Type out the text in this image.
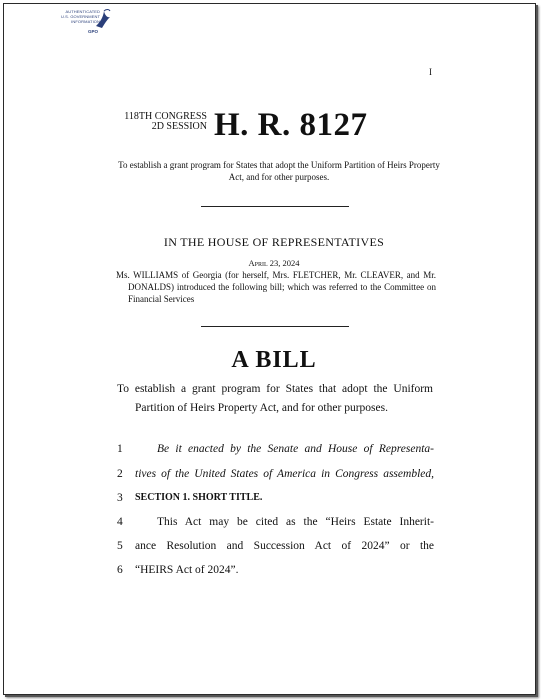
AUTHENTICATED
U.S. GOVERNMENT
INFORMATION
GPO
I
118TH CONGRESS
2D SESSION H. R. 8127
To establish a grant program for States that adopt the Uniform Partition of Heirs Property Act, and for other purposes.
IN THE HOUSE OF REPRESENTATIVES
April 23, 2024
Ms. WILLIAMS of Georgia (for herself, Mrs. FLETCHER, Mr. CLEAVER, and Mr. DONALDS) introduced the following bill; which was referred to the Committee on Financial Services
A BILL
To establish a grant program for States that adopt the Uniform Partition of Heirs Property Act, and for other purposes.
1	Be it enacted by the Senate and House of Representa-
2	tives of the United States of America in Congress assembled,
3	SECTION 1. SHORT TITLE.
4	This Act may be cited as the “Heirs Estate Inherit-
5	ance Resolution and Succession Act of 2024” or the
6	“HEIRS Act of 2024”.
